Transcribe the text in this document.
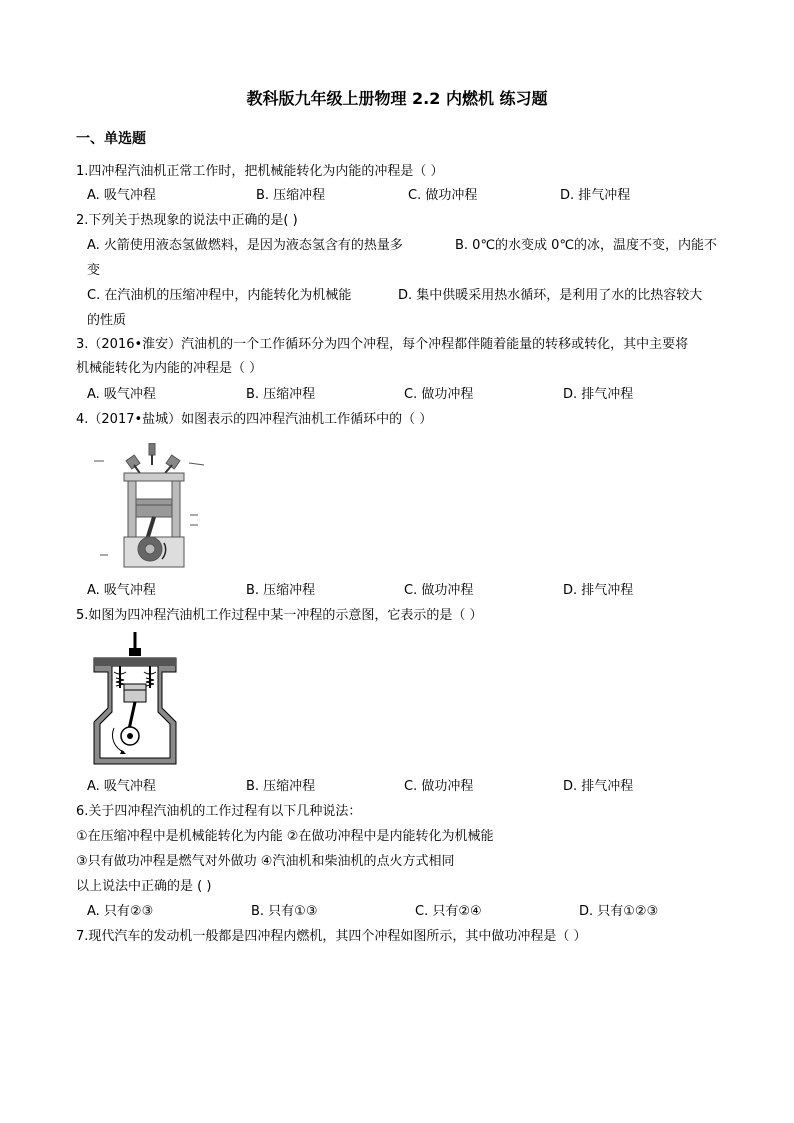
教科版九年级上册物理 2.2 内燃机 练习题
一、单选题
1.四冲程汽油机正常工作时，把机械能转化为内能的冲程是（ ）
A. 吸气冲程	B. 压缩冲程	C. 做功冲程	D. 排气冲程
2.下列关于热现象的说法中正确的是( )
A. 火箭使用液态氢做燃料，是因为液态氢含有的热量多	B. 0℃的水变成 0℃的冰，温度不变，内能不
变
C. 在汽油机的压缩冲程中，内能转化为机械能	D. 集中供暖采用热水循环，是利用了水的比热容较大
的性质
3.（2016•淮安）汽油机的一个工作循环分为四个冲程，每个冲程都伴随着能量的转移或转化，其中主要将
机械能转化为内能的冲程是（ ）
A. 吸气冲程	B. 压缩冲程	C. 做功冲程	D. 排气冲程
4.（2017•盐城）如图表示的四冲程汽油机工作循环中的（ ）
A. 吸气冲程	B. 压缩冲程	C. 做功冲程	D. 排气冲程
5.如图为四冲程汽油机工作过程中某一冲程的示意图，它表示的是（ ）
A. 吸气冲程	B. 压缩冲程	C. 做功冲程	D. 排气冲程
6.关于四冲程汽油机的工作过程有以下几种说法：
①在压缩冲程中是机械能转化为内能 ②在做功冲程中是内能转化为机械能
③只有做功冲程是燃气对外做功 ④汽油机和柴油机的点火方式相同
以上说法中正确的是 ( )
A. 只有②③	B. 只有①③	C. 只有②④	D. 只有①②③
7.现代汽车的发动机一般都是四冲程内燃机，其四个冲程如图所示，其中做功冲程是（ ）
